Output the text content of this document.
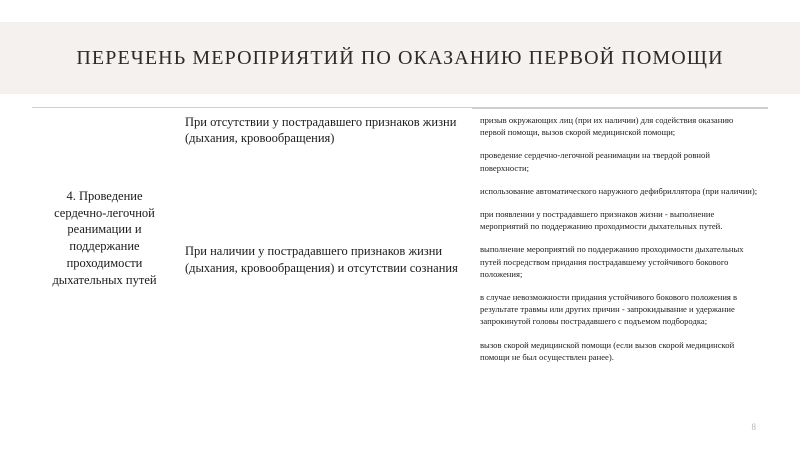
ПЕРЕЧЕНЬ МЕРОПРИЯТИЙ ПО ОКАЗАНИЮ ПЕРВОЙ ПОМОЩИ
4. Проведение сердечно-легочной реанимации и поддержание проходимости дыхательных путей	При отсутствии у пострадавшего признаков жизни (дыхания, кровообращения)	призыв окружающих лиц (при их наличии) для содействия оказанию первой помощи, вызов скорой медицинской помощи;
		проведение сердечно-легочной реанимации на твердой ровной поверхности;
		использование автоматического наружного дефибриллятора (при наличии);
		при появлении у пострадавшего признаков жизни - выполнение мероприятий по поддержанию проходимости дыхательных путей.
	При наличии у пострадавшего признаков жизни (дыхания, кровообращения) и отсутствии сознания	выполнение мероприятий по поддержанию проходимости дыхательных путей посредством придания пострадавшему устойчивого бокового положения;
		в случае невозможности придания устойчивого бокового положения в результате травмы или других причин - запрокидывание и удержание запрокинутой головы пострадавшего с подъемом подбородка;
		вызов скорой медицинской помощи (если вызов скорой медицинской помощи не был осуществлен ранее).
8
